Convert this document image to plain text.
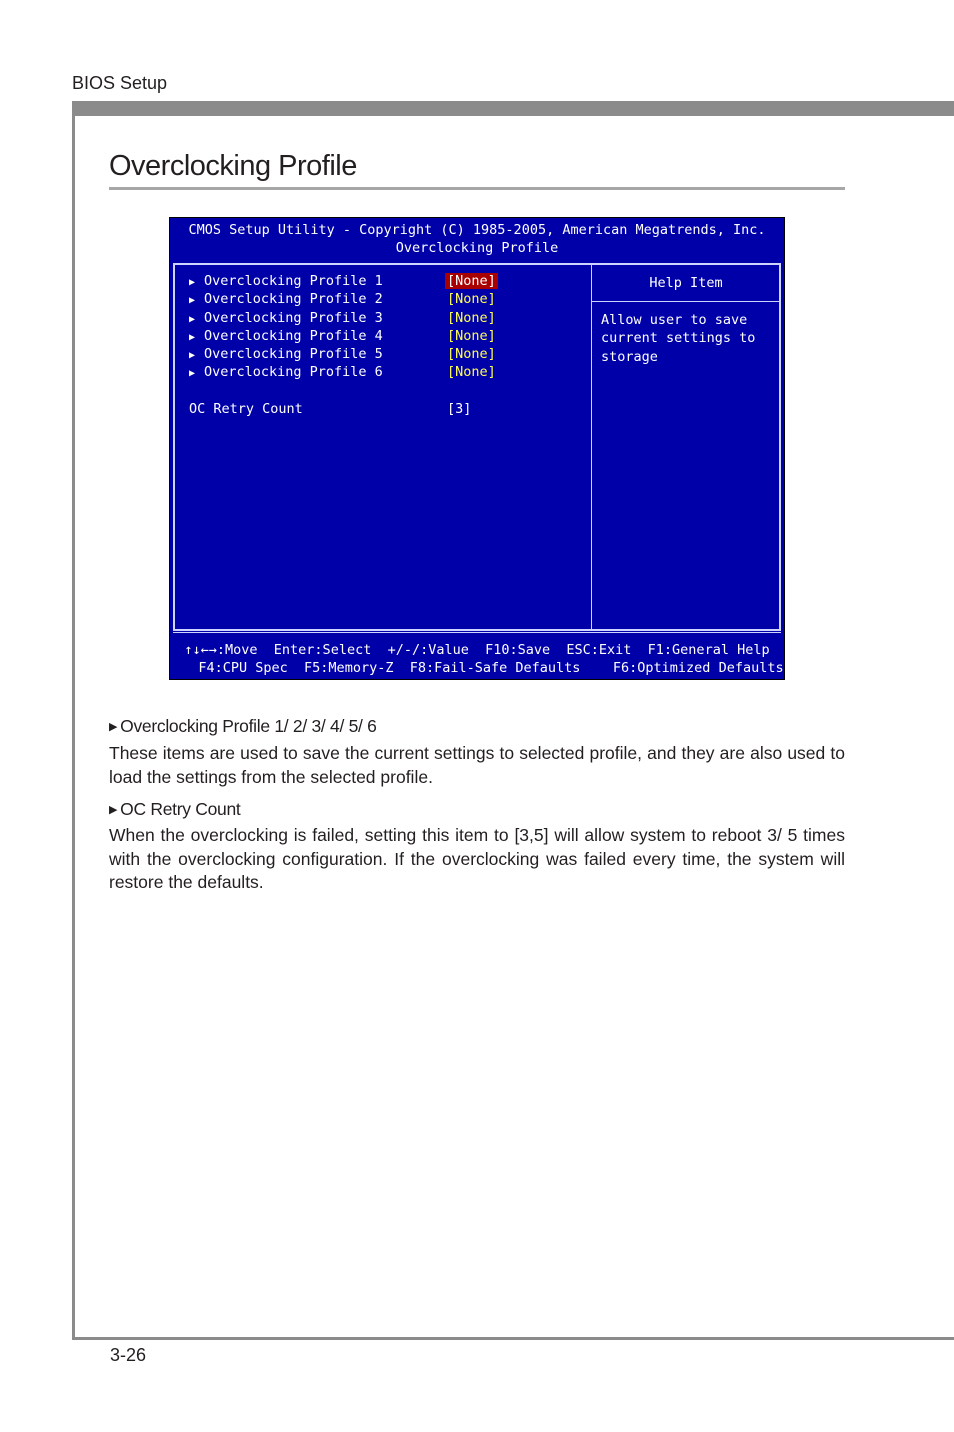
BIOS Setup
Overclocking Profile
CMOS Setup Utility - Copyright (C) 1985-2005, American Megatrends, Inc.
Overclocking Profile
▶ Overclocking Profile 1	[None]
▶ Overclocking Profile 2	[None]
▶ Overclocking Profile 3	[None]
▶ Overclocking Profile 4	[None]
▶ Overclocking Profile 5	[None]
▶ Overclocking Profile 6	[None]
OC Retry Count	[3]
Help Item
Allow user to save
current settings to
storage
↑↓←→:Move  Enter:Select  +/-/:Value  F10:Save  ESC:Exit  F1:General Help
F4:CPU Spec  F5:Memory-Z  F8:Fail-Safe Defaults    F6:Optimized Defaults
▶ Overclocking Profile 1/ 2/ 3/ 4/ 5/ 6
These items are used to save the current settings to selected profile, and they are also used to load the settings from the selected profile.
▶ OC Retry Count
When the overclocking is failed, setting this item to [3,5] will allow system to reboot 3/ 5 times with the overclocking configuration. If the overclocking was failed every time, the system will restore the defaults.
3-26
